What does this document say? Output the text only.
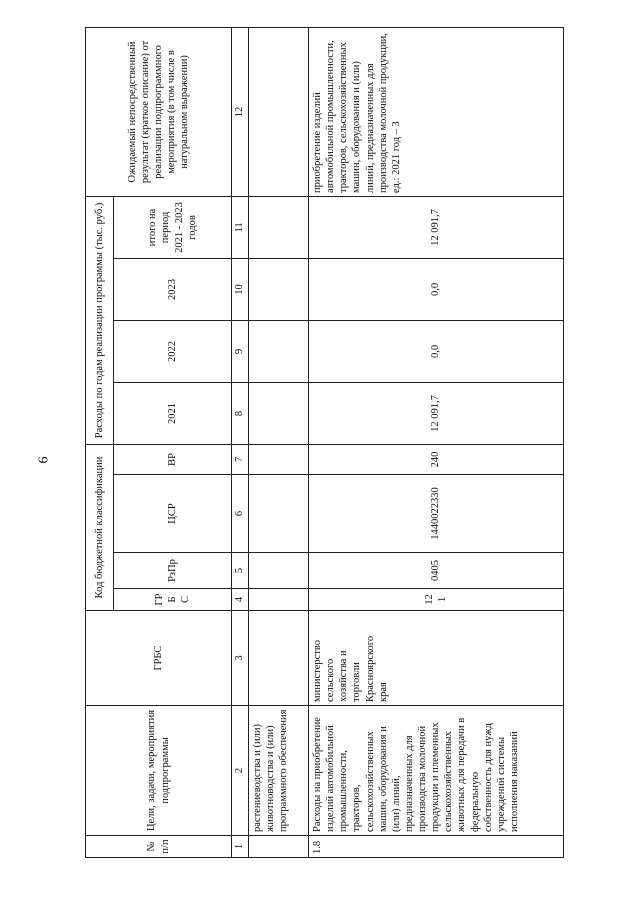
6
№ п/п	Цели, задачи, мероприятия подпрограммы	ГРБС	Код бюджетной классификации				Расходы по годам реализации программы (тыс. руб.)				Ожидаемый непосредственный результат (краткое описание) от реализации подпрограммного мероприятия (в том числе в натуральном выражении)
			ГРБ С	РзПр	ЦСР	ВР	2021	2022	2023	итого на период 2021 - 2023 годов	
1	2	3	4	5	6	7	8	9	10	11	12
	растениеводства и (или) животноводства и (или) программного обеспечения										
1.8	Расходы на приобретение изделий автомобильной промышленности, тракторов, сельскохозяйственных машин, оборудования и (или) линий, предназначенных для производства молочной продукции и племенных сельскохозяйственных животных для передачи в федеральную собственность для нужд учреждений системы исполнения наказаний	министерство сельского хозяйства и торговли Красноярского края	121	0405	1440022330	240	12 091,7	0,0	0,0	12 091,7	приобретение изделий автомобильной промышленности, тракторов, сельскохозяйственных машин, оборудования и (или) линий, предназначенных для производства молочной продукции, ед.: 2021 год – 3
